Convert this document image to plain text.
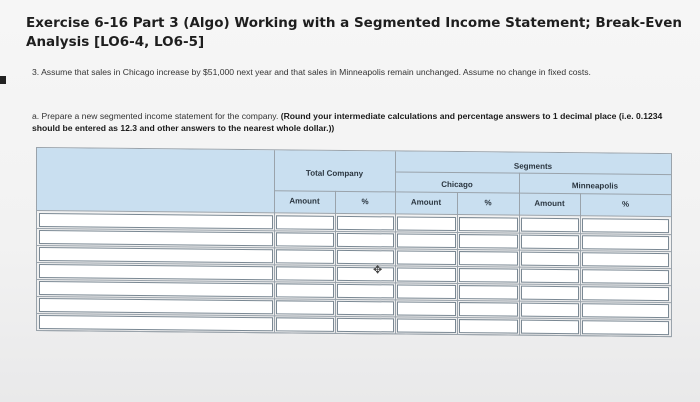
Exercise 6-16 Part 3 (Algo) Working with a Segmented Income Statement; Break-Even Analysis [LO6-4, LO6-5]
3. Assume that sales in Chicago increase by $51,000 next year and that sales in Minneapolis remain unchanged. Assume no change in fixed costs.
a. Prepare a new segmented income statement for the company. (Round your intermediate calculations and percentage answers to 1 decimal place (i.e. 0.1234 should be entered as 12.3 and other answers to the nearest whole dollar.))
Total Company
Segments
Chicago	Minneapolis
Amount	%	Amount	%	Amount	%
✥
